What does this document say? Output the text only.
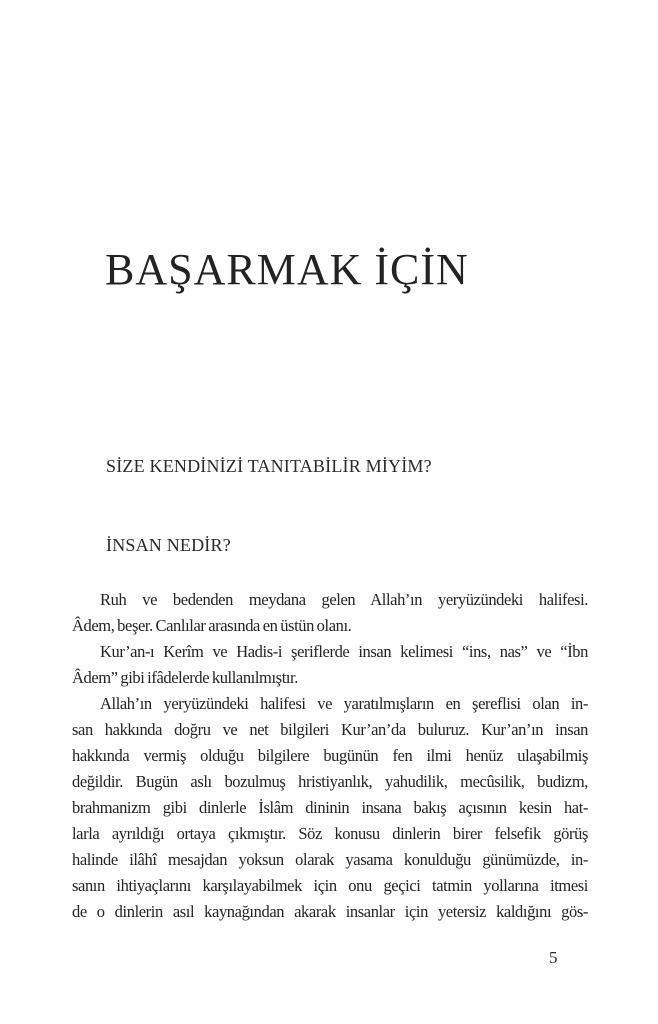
BAŞARMAK İÇİN
SİZE KENDİNİZİ TANITABİLİR MİYİM?
İNSAN NEDİR?
Ruh ve bedenden meydana gelen Allah’ın yeryüzündeki halifesi.
Âdem, beşer. Canlılar arasında en üstün olanı.
Kur’an-ı Kerîm ve Hadis-i şeriflerde insan kelimesi “ins, nas” ve “İbn
Âdem” gibi ifâdelerde kullanılmıştır.
Allah’ın yeryüzündeki halifesi ve yaratılmışların en şereflisi olan in-
san hakkında doğru ve net bilgileri Kur’an’da buluruz. Kur’an’ın insan
hakkında vermiş olduğu bilgilere bugünün fen ilmi henüz ulaşabilmiş
değildir. Bugün aslı bozulmuş hristiyanlık, yahudilik, mecûsilik, budizm,
brahmanizm gibi dinlerle İslâm dininin insana bakış açısının kesin hat-
larla ayrıldığı ortaya çıkmıştır. Söz konusu dinlerin birer felsefik görüş
halinde ilâhî mesajdan yoksun olarak yasama konulduğu günümüzde, in-
sanın ihtiyaçlarını karşılayabilmek için onu geçici tatmin yollarına itmesi
de o dinlerin asıl kaynağından akarak insanlar için yetersiz kaldığını gös-
5
